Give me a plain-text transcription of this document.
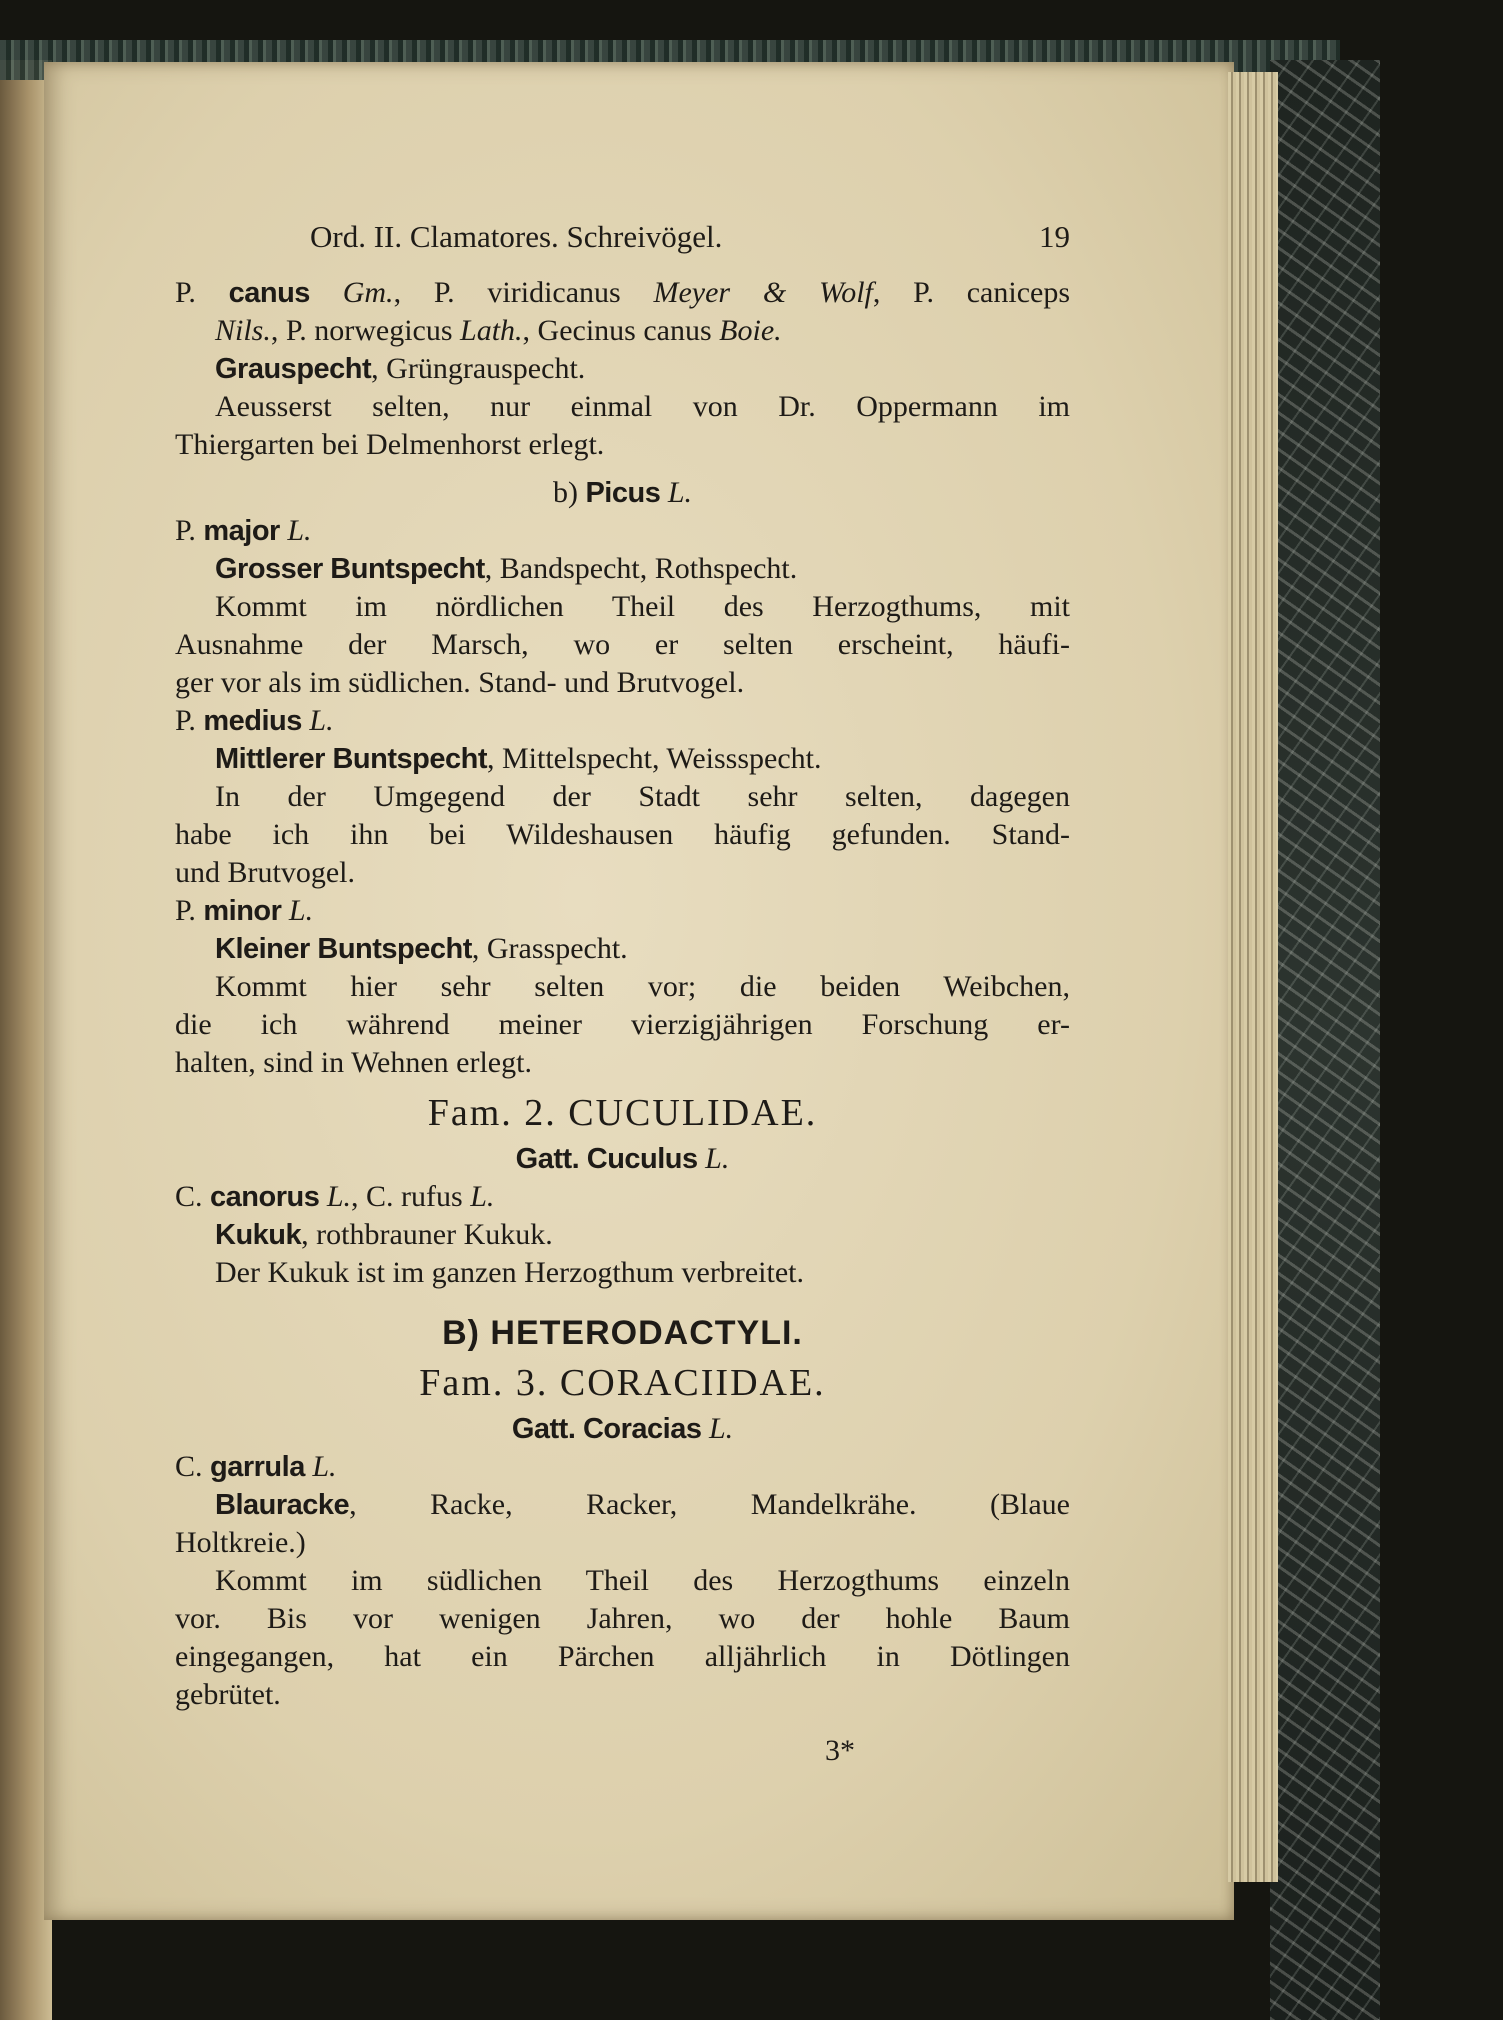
Ord. II. Clamatores. Schreivögel.	19
P. canus Gm., P. viridicanus Meyer & Wolf, P. caniceps
Nils., P. norwegicus Lath., Gecinus canus Boie.
Grauspecht, Grüngrauspecht.
Aeusserst selten, nur einmal von Dr. Oppermann im
Thiergarten bei Delmenhorst erlegt.
b) Picus L.
P. major L.
Grosser Buntspecht, Bandspecht, Rothspecht.
Kommt im nördlichen Theil des Herzogthums, mit
Ausnahme der Marsch, wo er selten erscheint, häufi-
ger vor als im südlichen. Stand- und Brutvogel.
P. medius L.
Mittlerer Buntspecht, Mittelspecht, Weissspecht.
In der Umgegend der Stadt sehr selten, dagegen
habe ich ihn bei Wildeshausen häufig gefunden. Stand-
und Brutvogel.
P. minor L.
Kleiner Buntspecht, Grasspecht.
Kommt hier sehr selten vor; die beiden Weibchen,
die ich während meiner vierzigjährigen Forschung er-
halten, sind in Wehnen erlegt.
Fam. 2. CUCULIDAE.
Gatt. Cuculus L.
C. canorus L., C. rufus L.
Kukuk, rothbrauner Kukuk.
Der Kukuk ist im ganzen Herzogthum verbreitet.
B) HETERODACTYLI.
Fam. 3. CORACIIDAE.
Gatt. Coracias L.
C. garrula L.
Blauracke, Racke, Racker, Mandelkrähe. (Blaue
Holtkreie.)
Kommt im südlichen Theil des Herzogthums einzeln
vor. Bis vor wenigen Jahren, wo der hohle Baum
eingegangen, hat ein Pärchen alljährlich in Dötlingen
gebrütet.
3*
